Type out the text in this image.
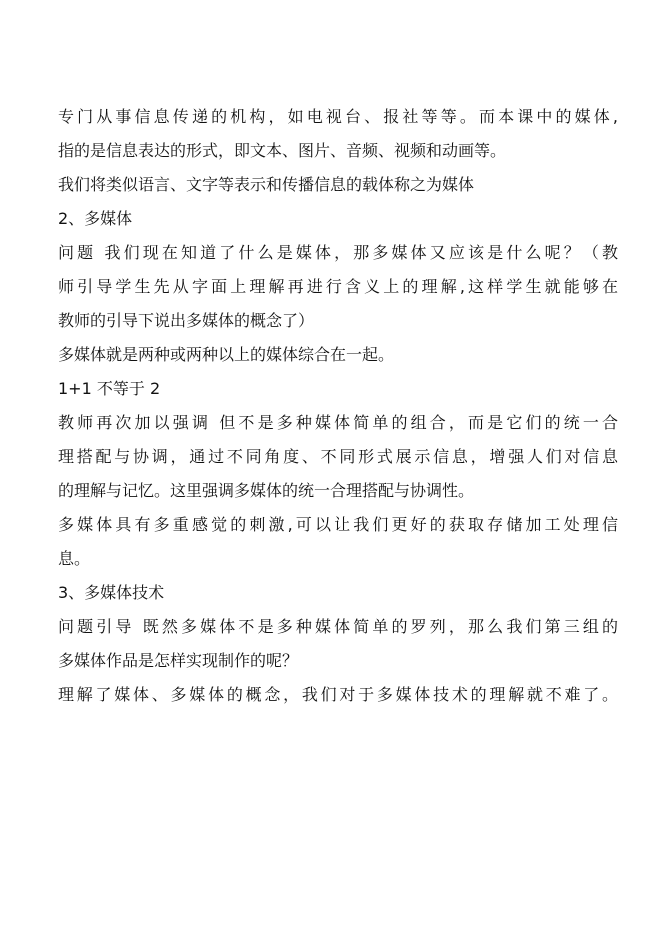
专门从事信息传递的机构，如电视台、报社等等。而本课中的媒体,
指的是信息表达的形式，即文本、图片、音频、视频和动画等。
我们将类似语言、文字等表示和传播信息的载体称之为媒体
2、多媒体
问题 我们现在知道了什么是媒体，那多媒体又应该是什么呢？（教
师引导学生先从字面上理解再进行含义上的理解,这样学生就能够在
教师的引导下说出多媒体的概念了）
多媒体就是两种或两种以上的媒体综合在一起。
1+1 不等于 2
教师再次加以强调 但不是多种媒体简单的组合，而是它们的统一合
理搭配与协调，通过不同角度、不同形式展示信息，增强人们对信息
的理解与记忆。这里强调多媒体的统一合理搭配与协调性。
多媒体具有多重感觉的刺激,可以让我们更好的获取存储加工处理信
息。
3、多媒体技术
问题引导 既然多媒体不是多种媒体简单的罗列，那么我们第三组的
多媒体作品是怎样实现制作的呢？
理解了媒体、多媒体的概念，我们对于多媒体技术的理解就不难了。
